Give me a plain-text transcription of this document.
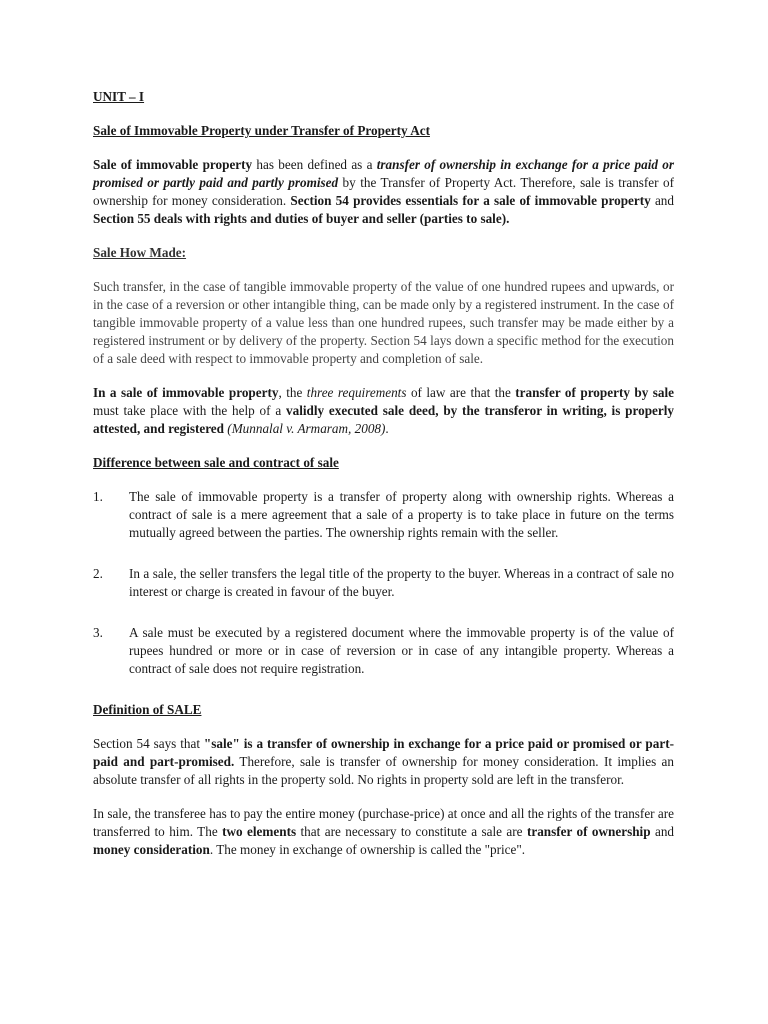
UNIT – I
Sale of Immovable Property under Transfer of Property Act

Sale of immovable property has been defined as a transfer of ownership in exchange for a price paid or promised or partly paid and partly promised by the Transfer of Property Act. Therefore, sale is transfer of ownership for money consideration. Section 54 provides essentials for a sale of immovable property and Section 55 deals with rights and duties of buyer and seller (parties to sale).

Sale How Made:

Such transfer, in the case of tangible immovable property of the value of one hundred rupees and upwards, or in the case of a reversion or other intangible thing, can be made only by a registered instrument. In the case of tangible immovable property of a value less than one hundred rupees, such transfer may be made either by a registered instrument or by delivery of the property. Section 54 lays down a specific method for the execution of a sale deed with respect to immovable property and completion of sale.

In a sale of immovable property, the three requirements of law are that the transfer of property by sale must take place with the help of a validly executed sale deed, by the transferor in writing, is properly attested, and registered (Munnalal v. Armaram, 2008).

Difference between sale and contract of sale
1.	The sale of immovable property is a transfer of property along with ownership rights. Whereas a contract of sale is a mere agreement that a sale of a property is to take place in future on the terms mutually agreed between the parties. The ownership rights remain with the seller.
2.	In a sale, the seller transfers the legal title of the property to the buyer. Whereas in a contract of sale no interest or charge is created in favour of the buyer.
3.	A sale must be executed by a registered document where the immovable property is of the value of rupees hundred or more or in case of reversion or in case of any intangible property. Whereas a contract of sale does not require registration.
Definition of SALE

Section 54 says that "sale" is a transfer of ownership in exchange for a price paid or promised or part-paid and part-promised. Therefore, sale is transfer of ownership for money consideration. It implies an absolute transfer of all rights in the property sold. No rights in property sold are left in the transferor.

In sale, the transferee has to pay the entire money (purchase-price) at once and all the rights of the transfer are transferred to him. The two elements that are necessary to constitute a sale are transfer of ownership and money consideration. The money in exchange of ownership is called the "price".
